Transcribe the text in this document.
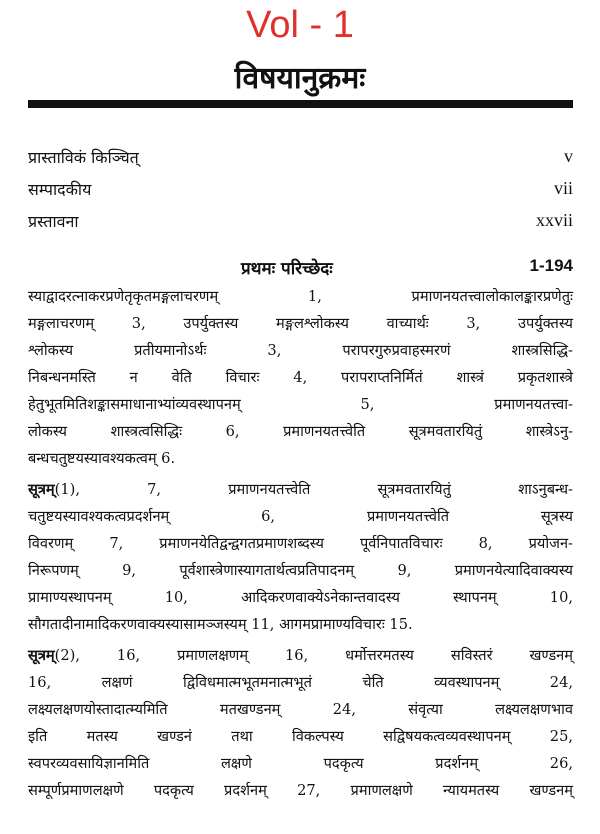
Vol - 1
विषयानुक्रमः
प्रास्ताविकं किञ्चित्	v
सम्पादकीय	vii
प्रस्तावना	xxvii
प्रथमः परिच्छेदः	1-194
स्याद्वादरत्नाकरप्रणेतृकृतमङ्गलाचरणम् 1, प्रमाणनयतत्त्वालोकालङ्कारप्रणेतुः
मङ्गलाचरणम् 3, उपर्युक्तस्य मङ्गलश्लोकस्य वाच्यार्थः 3, उपर्युक्तस्य
श्लोकस्य प्रतीयमानोऽर्थः 3, परापरगुरुप्रवाहस्मरणं शास्त्रसिद्धि-
निबन्धनमस्ति न वेति विचारः 4, परापराप्तनिर्मितं शास्त्रं प्रकृतशास्त्रे
हेतुभूतमितिशङ्कासमाधानाभ्यांव्यवस्थापनम् 5, प्रमाणनयतत्त्वा-
लोकस्य शास्त्रत्वसिद्धिः 6, प्रमाणनयतत्त्वेति सूत्रमवतारयितुं शास्त्रेऽनु-
बन्धचतुष्टयस्यावश्यकत्वम् 6.
सूत्रम्(1), 7, प्रमाणनयतत्त्वेति सूत्रमवतारयितुं शाऽनुबन्ध-
चतुष्टयस्यावश्यकत्वप्रदर्शनम् 6, प्रमाणनयतत्त्वेति सूत्रस्य
विवरणम् 7, प्रमाणनयेतिद्वन्द्वगतप्रमाणशब्दस्य पूर्वनिपातविचारः 8, प्रयोजन-
निरूपणम् 9, पूर्वशास्त्रेणास्यागतार्थत्वप्रतिपादनम् 9, प्रमाणनयेत्यादिवाक्यस्य
प्रामाण्यस्थापनम् 10, आदिकरणवाक्येऽनेकान्तवादस्य स्थापनम् 10,
सौगतादीनामादिकरणवाक्यस्यासामञ्जस्यम् 11, आगमप्रामाण्यविचारः 15.
सूत्रम्(2), 16, प्रमाणलक्षणम् 16, धर्मोत्तरमतस्य सविस्तरं खण्डनम्
16, लक्षणं द्विविधमात्मभूतमनात्मभूतं चेति व्यवस्थापनम् 24,
लक्ष्यलक्षणयोस्तादात्म्यमिति मतखण्डनम् 24, संवृत्या लक्ष्यलक्षणभाव
इति मतस्य खण्डनं तथा विकल्पस्य सद्विषयकत्वव्यवस्थापनम् 25,
स्वपरव्यवसायिज्ञानमिति लक्षणे पदकृत्य प्रदर्शनम् 26,
सम्पूर्णप्रमाणलक्षणे पदकृत्य प्रदर्शनम् 27, प्रमाणलक्षणे न्यायमतस्य खण्डनम्
